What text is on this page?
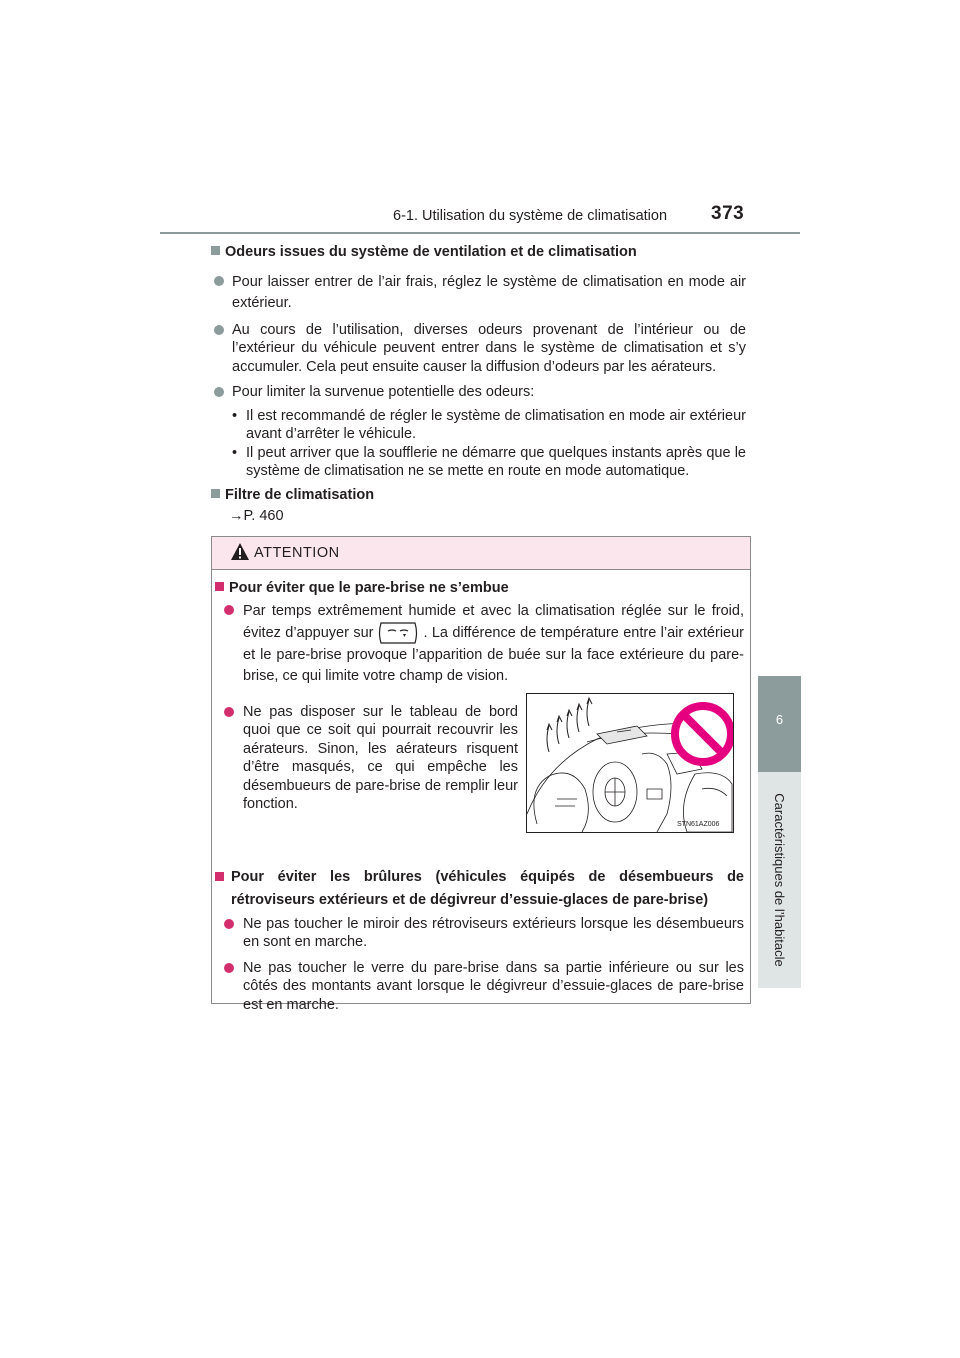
6-1. Utilisation du système de climatisation 373
6
Caractéristiques de l’habitacle
Odeurs issues du système de ventilation et de climatisation
Pour laisser entrer de l’air frais, réglez le système de climatisation en mode air extérieur.
Au cours de l’utilisation, diverses odeurs provenant de l’intérieur ou de l’extérieur du véhicule peuvent entrer dans le système de climatisation et s’y accumuler. Cela peut ensuite causer la diffusion d’odeurs par les aérateurs.
Pour limiter la survenue potentielle des odeurs:
• Il est recommandé de régler le système de climatisation en mode air extérieur avant d’arrêter le véhicule.
• Il peut arriver que la soufflerie ne démarre que quelques instants après que le système de climatisation ne se mette en route en mode automatique.
Filtre de climatisation
→P. 460
ATTENTION
Pour éviter que le pare-brise ne s’embue
Par temps extrêmement humide et avec la climatisation réglée sur le froid, évitez d’appuyer sur	. La différence de température entre l’air extérieur et le pare-brise provoque l’apparition de buée sur la face extérieure du pare-brise, ce qui limite votre champ de vision.
Ne pas disposer sur le tableau de bord quoi que ce soit qui pourrait recouvrir les aérateurs. Sinon, les aérateurs risquent d’être masqués, ce qui empêche les désembueurs de pare-brise de remplir leur fonction.
Pour éviter les brûlures (véhicules équipés de désembueurs de rétroviseurs extérieurs et de dégivreur d’essuie-glaces de pare-brise)
Ne pas toucher le miroir des rétroviseurs extérieurs lorsque les désembueurs en sont en marche.
Ne pas toucher le verre du pare-brise dans sa partie inférieure ou sur les côtés des montants avant lorsque le dégivreur d’essuie-glaces de pare-brise est en marche.
STN61AZ006
